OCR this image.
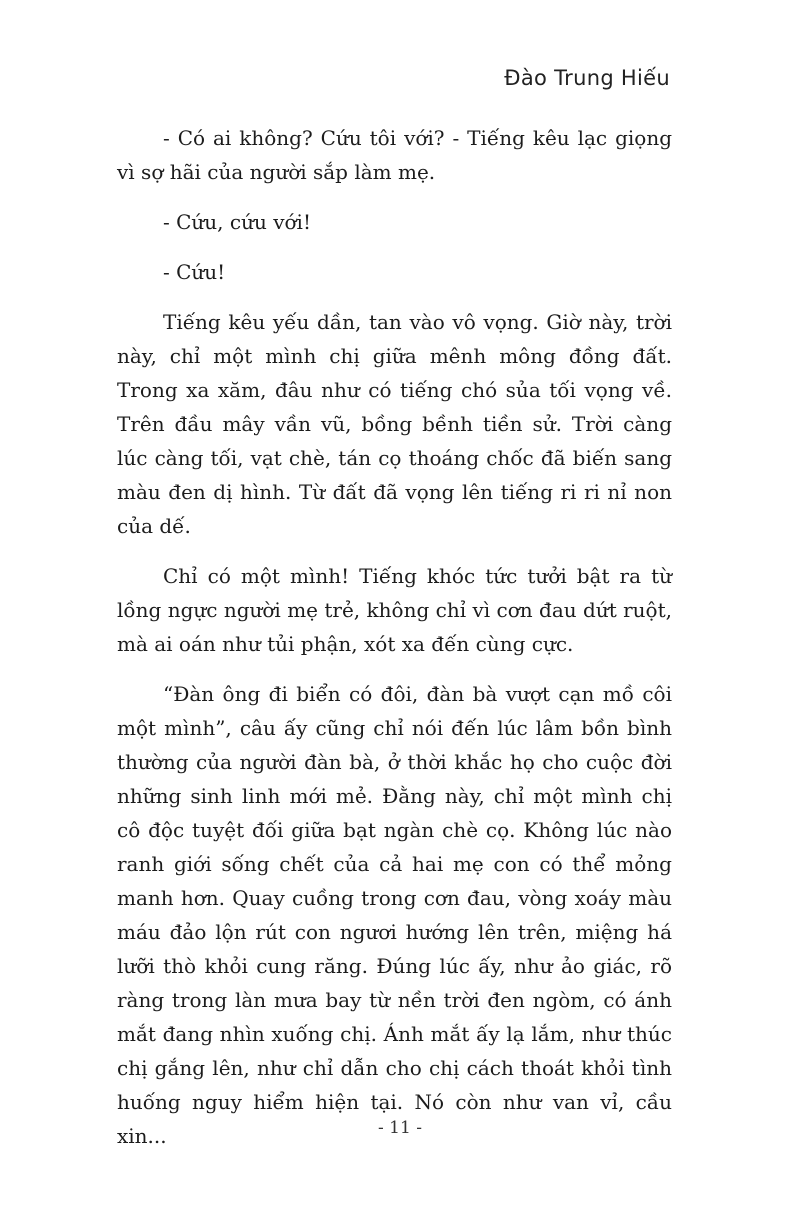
Đào Trung Hiếu

- Có ai không? Cứu tôi với? - Tiếng kêu lạc giọng vì sợ hãi của người sắp làm mẹ.

- Cứu, cứu với!

- Cứu!

Tiếng kêu yếu dần, tan vào vô vọng. Giờ này, trời này, chỉ một mình chị giữa mênh mông đồng đất. Trong xa xăm, đâu như có tiếng chó sủa tối vọng về. Trên đầu mây vần vũ, bồng bềnh tiền sử. Trời càng lúc càng tối, vạt chè, tán cọ thoáng chốc đã biến sang màu đen dị hình. Từ đất đã vọng lên tiếng ri ri nỉ non của dế.

Chỉ có một mình! Tiếng khóc tức tưởi bật ra từ lồng ngực người mẹ trẻ, không chỉ vì cơn đau dứt ruột, mà ai oán như tủi phận, xót xa đến cùng cực.

“Đàn ông đi biển có đôi, đàn bà vượt cạn mồ côi một mình”, câu ấy cũng chỉ nói đến lúc lâm bồn bình thường của người đàn bà, ở thời khắc họ cho cuộc đời những sinh linh mới mẻ. Đằng này, chỉ một mình chị cô độc tuyệt đối giữa bạt ngàn chè cọ. Không lúc nào ranh giới sống chết của cả hai mẹ con có thể mỏng manh hơn. Quay cuồng trong cơn đau, vòng xoáy màu máu đảo lộn rút con ngươi hướng lên trên, miệng há lưỡi thò khỏi cung răng. Đúng lúc ấy, như ảo giác, rõ ràng trong làn mưa bay từ nền trời đen ngòm, có ánh mắt đang nhìn xuống chị. Ánh mắt ấy lạ lắm, như thúc chị gắng lên, như chỉ dẫn cho chị cách thoát khỏi tình huống nguy hiểm hiện tại. Nó còn như van vỉ, cầu xin...	- 11 -
